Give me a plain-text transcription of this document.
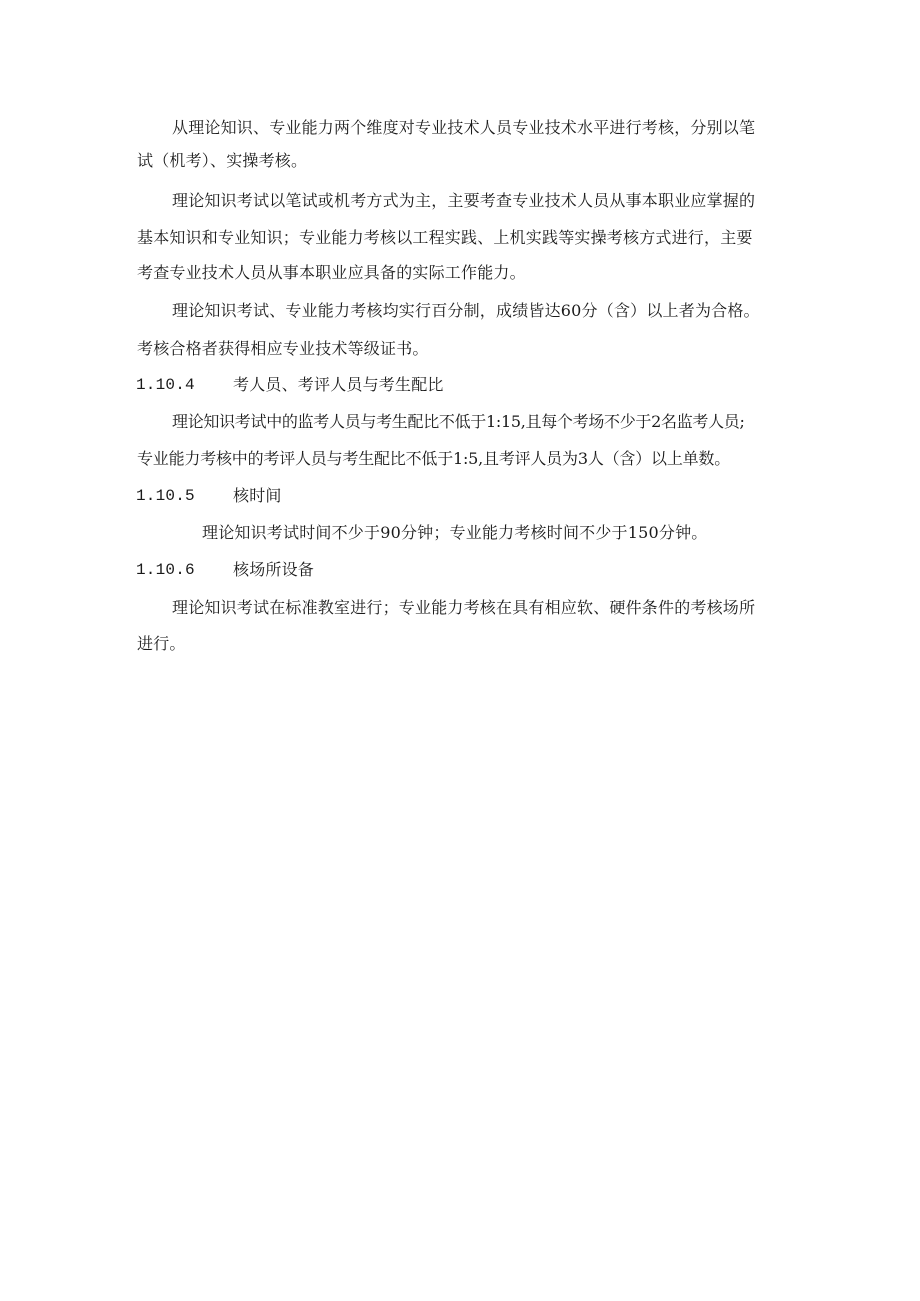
从理论知识、专业能力两个维度对专业技术人员专业技术水平进行考核，分别以笔
试（机考）、实操考核。
理论知识考试以笔试或机考方式为主，主要考查专业技术人员从事本职业应掌握的
基本知识和专业知识；专业能力考核以工程实践、上机实践等实操考核方式进行，主要
考查专业技术人员从事本职业应具备的实际工作能力。
理论知识考试、专业能力考核均实行百分制，成绩皆达60分（含）以上者为合格。
考核合格者获得相应专业技术等级证书。
1.10.4 考人员、考评人员与考生配比
理论知识考试中的监考人员与考生配比不低于1:15,且每个考场不少于2名监考人员;
专业能力考核中的考评人员与考生配比不低于1:5,且考评人员为3人（含）以上单数。
1.10.5 核时间
理论知识考试时间不少于90分钟；专业能力考核时间不少于150分钟。
1.10.6 核场所设备
理论知识考试在标准教室进行；专业能力考核在具有相应软、硬件条件的考核场所
进行。
